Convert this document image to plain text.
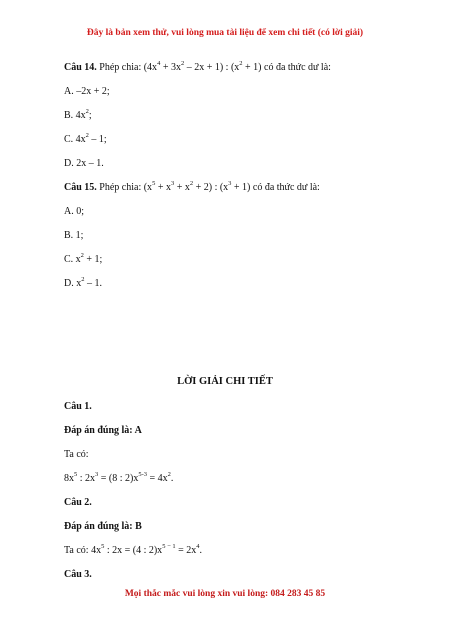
Đây là bản xem thử, vui lòng mua tài liệu để xem chi tiết (có lời giải)
Câu 14. Phép chia: $(4x^4 + 3x^2 - 2x + 1)$ : $(x^2 + 1)$ có đa thức dư là:
A. –2x + 2;
B. $4x^2$;
C. $4x^2 - 1$;
D. 2x – 1.
Câu 15. Phép chia: $(x^5 + x^3 + x^2 + 2)$ : $(x^3 + 1)$ có đa thức dư là:
A. 0;
B. 1;
C. $x^2 + 1$;
D. $x^2 - 1$.
LỜI GIẢI CHI TIẾT
Câu 1.
Đáp án đúng là: A
Ta có:
$8x^5$ : $2x^3 = (8$ : $2)x^{5-3} = 4x^2$.
Câu 2.
Đáp án đúng là: B
Ta có: $4x^5$ : 2x = (4 : $2)x^{5 - 1} = 2x^4$.
Câu 3.
Mọi thắc mắc vui lòng xin vui lòng: 084 283 45 85
